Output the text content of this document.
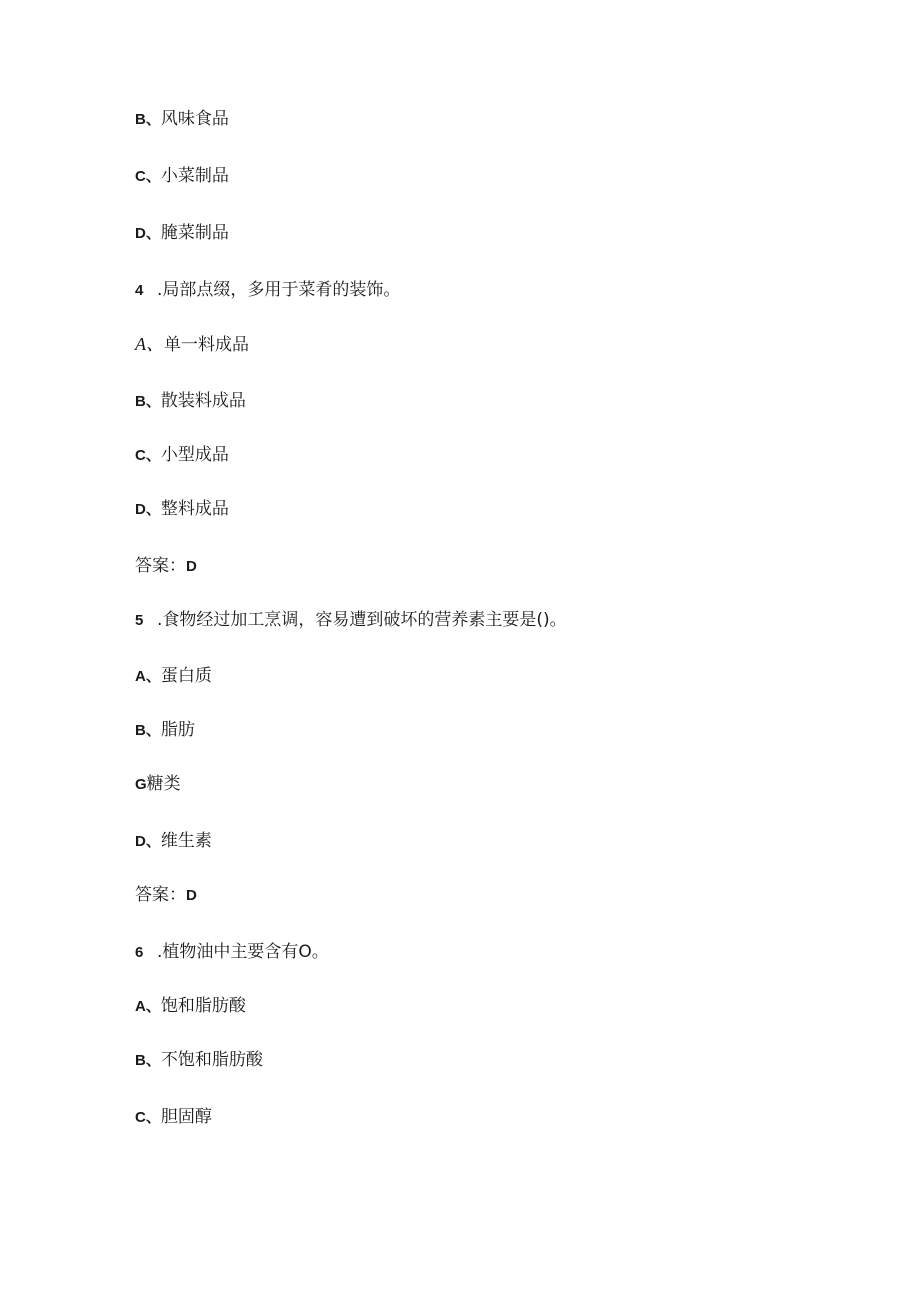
B、风味食品
C、小菜制品
D、腌菜制品
4 .局部点缀，多用于菜肴的装饰。
A、单一料成品
B、散装料成品
C、小型成品
D、整料成品
答案：D
5 .食物经过加工烹调，容易遭到破坏的营养素主要是()。
A、蛋白质
B、脂肪
G糖类
D、维生素
答案：D
6 .植物油中主要含有O。
A、饱和脂肪酸
B、不饱和脂肪酸
C、胆固醇
